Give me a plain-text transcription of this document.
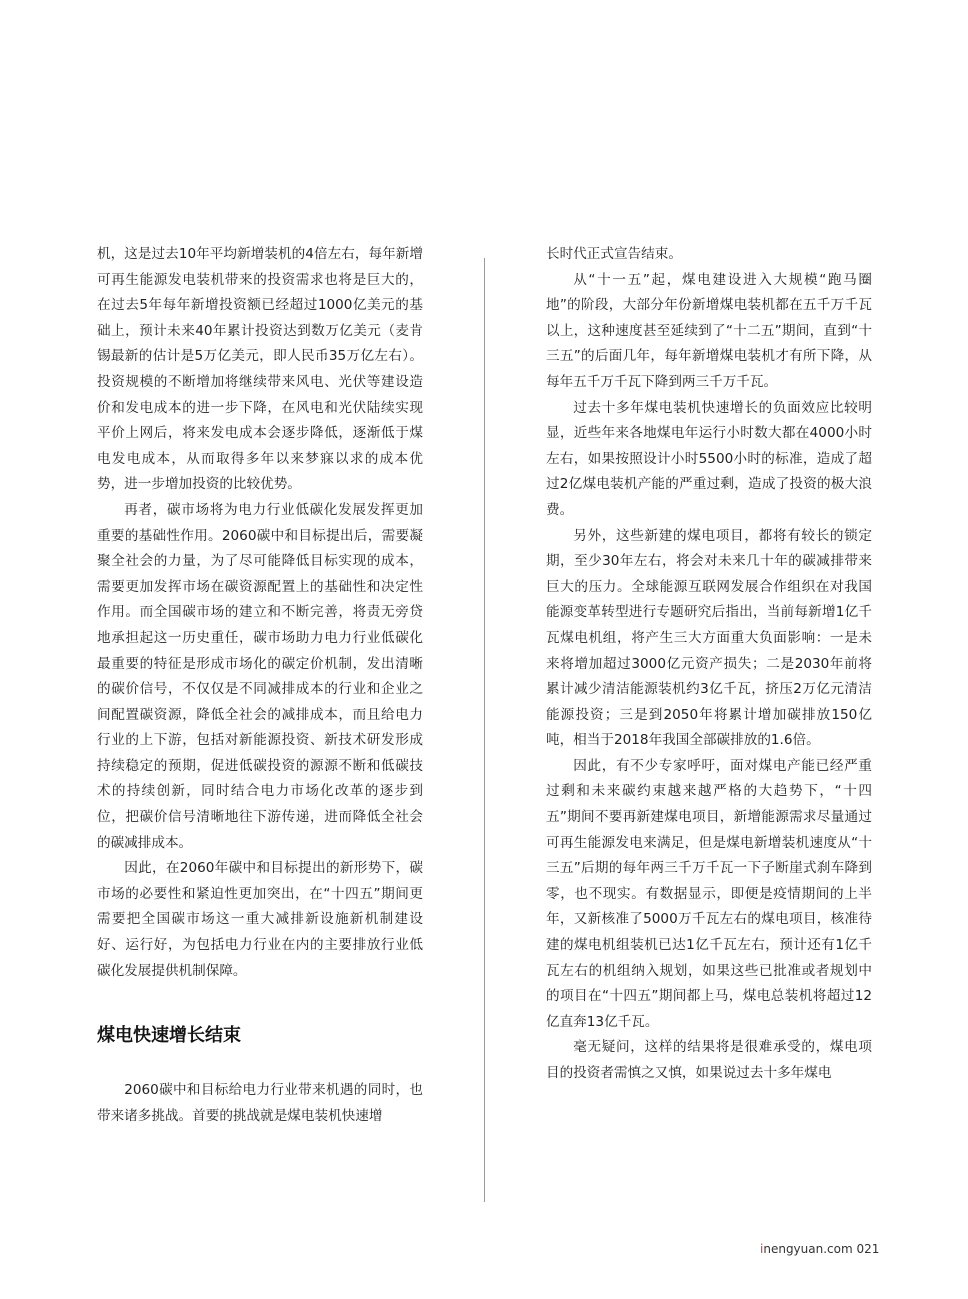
机，这是过去10年平均新增装机的4倍左右，每年新增可再生能源发电装机带来的投资需求也将是巨大的，在过去5年每年新增投资额已经超过1000亿美元的基础上，预计未来40年累计投资达到数万亿美元（麦肯锡最新的估计是5万亿美元，即人民币35万亿左右）。投资规模的不断增加将继续带来风电、光伏等建设造价和发电成本的进一步下降，在风电和光伏陆续实现平价上网后，将来发电成本会逐步降低，逐渐低于煤电发电成本，从而取得多年以来梦寐以求的成本优势，进一步增加投资的比较优势。

再者，碳市场将为电力行业低碳化发展发挥更加重要的基础性作用。2060碳中和目标提出后，需要凝聚全社会的力量，为了尽可能降低目标实现的成本，需要更加发挥市场在碳资源配置上的基础性和决定性作用。而全国碳市场的建立和不断完善，将责无旁贷地承担起这一历史重任，碳市场助力电力行业低碳化最重要的特征是形成市场化的碳定价机制，发出清晰的碳价信号，不仅仅是不同减排成本的行业和企业之间配置碳资源，降低全社会的减排成本，而且给电力行业的上下游，包括对新能源投资、新技术研发形成持续稳定的预期，促进低碳投资的源源不断和低碳技术的持续创新，同时结合电力市场化改革的逐步到位，把碳价信号清晰地往下游传递，进而降低全社会的碳减排成本。

因此，在2060年碳中和目标提出的新形势下，碳市场的必要性和紧迫性更加突出，在“十四五”期间更需要把全国碳市场这一重大减排新设施新机制建设好、运行好，为包括电力行业在内的主要排放行业低碳化发展提供机制保障。

煤电快速增长结束

2060碳中和目标给电力行业带来机遇的同时，也带来诸多挑战。首要的挑战就是煤电装机快速增

长时代正式宣告结束。

从“十一五”起，煤电建设进入大规模“跑马圈地”的阶段，大部分年份新增煤电装机都在五千万千瓦以上，这种速度甚至延续到了“十二五”期间，直到“十三五”的后面几年，每年新增煤电装机才有所下降，从每年五千万千瓦下降到两三千万千瓦。

过去十多年煤电装机快速增长的负面效应比较明显，近些年来各地煤电年运行小时数大都在4000小时左右，如果按照设计小时5500小时的标准，造成了超过2亿煤电装机产能的严重过剩，造成了投资的极大浪费。

另外，这些新建的煤电项目，都将有较长的锁定期，至少30年左右，将会对未来几十年的碳减排带来巨大的压力。全球能源互联网发展合作组织在对我国能源变革转型进行专题研究后指出，当前每新增1亿千瓦煤电机组，将产生三大方面重大负面影响：一是未来将增加超过3000亿元资产损失；二是2030年前将累计减少清洁能源装机约3亿千瓦，挤压2万亿元清洁能源投资；三是到2050年将累计增加碳排放150亿吨，相当于2018年我国全部碳排放的1.6倍。

因此，有不少专家呼吁，面对煤电产能已经严重过剩和未来碳约束越来越严格的大趋势下，“十四五”期间不要再新建煤电项目，新增能源需求尽量通过可再生能源发电来满足，但是煤电新增装机速度从“十三五”后期的每年两三千万千瓦一下子断崖式刹车降到零，也不现实。有数据显示，即便是疫情期间的上半年，又新核准了5000万千瓦左右的煤电项目，核准待建的煤电机组装机已达1亿千瓦左右，预计还有1亿千瓦左右的机组纳入规划，如果这些已批准或者规划中的项目在“十四五”期间都上马，煤电总装机将超过12亿直奔13亿千瓦。

毫无疑问，这样的结果将是很难承受的，煤电项目的投资者需慎之又慎，如果说过去十多年煤电

inengyuan.com 021
